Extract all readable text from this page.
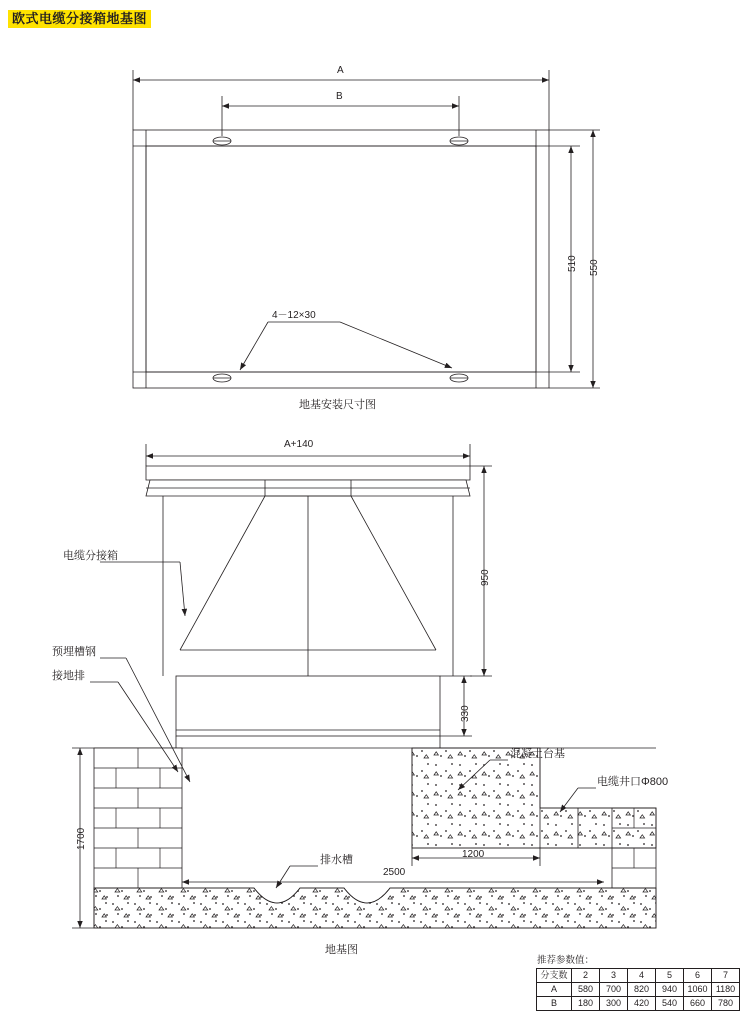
欧式电缆分接箱地基图
A
B
510 550
4－12×30
地基安装尺寸图
A+140
950
330
1700
1200
2500
电缆分接箱
预埋槽钢
接地排
混凝土台基
电缆井口Φ800
排水槽
地基图
推荐参数值：
分支数	2	3	4	5	6	7
A	580	700	820	940	1060	1180
B	180	300	420	540	660	780
